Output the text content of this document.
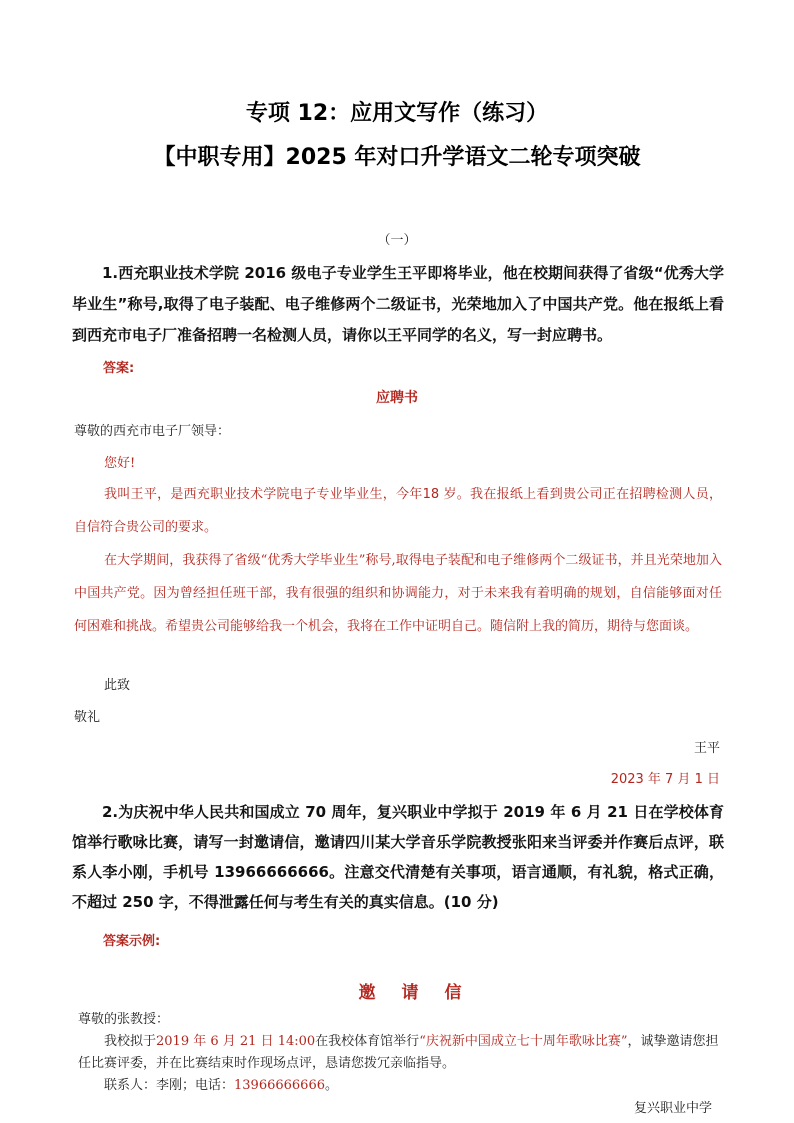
专项 12：应用文写作（练习）
【中职专用】2025 年对口升学语文二轮专项突破
（一）
1.西充职业技术学院 2016 级电子专业学生王平即将毕业，他在校期间获得了省级“优秀大学毕业生”称号,取得了电子装配、电子维修两个二级证书，光荣地加入了中国共产党。他在报纸上看到西充市电子厂准备招聘一名检测人员，请你以王平同学的名义，写一封应聘书。
答案:
应聘书
尊敬的西充市电子厂领导：
您好!
我叫王平，是西充职业技术学院电子专业毕业生，今年18 岁。我在报纸上看到贵公司正在招聘检测人员，自信符合贵公司的要求。
在大学期间，我获得了省级“优秀大学毕业生”称号,取得电子装配和电子维修两个二级证书，并且光荣地加入中国共产党。因为曾经担任班干部，我有很强的组织和协调能力，对于未来我有着明确的规划，自信能够面对任何困难和挑战。希望贵公司能够给我一个机会，我将在工作中证明自己。随信附上我的简历，期待与您面谈。
此致
敬礼
王平
2023 年 7 月 1 日
2.为庆祝中华人民共和国成立 70 周年，复兴职业中学拟于 2019 年 6 月 21 日在学校体育馆举行歌咏比赛，请写一封邀请信，邀请四川某大学音乐学院教授张阳来当评委并作赛后点评，联系人李小刚，手机号 13966666666。注意交代清楚有关事项，语言通顺，有礼貌，格式正确，不超过 250 字，不得泄露任何与考生有关的真实信息。(10 分)
答案示例:
邀请信
尊敬的张教授：
我校拟于2019 年 6 月 21 日 14:00在我校体育馆举行“庆祝新中国成立七十周年歌咏比赛”，诚挚邀请您担任比赛评委，并在比赛结束时作现场点评，恳请您拨冗亲临指导。
联系人：李刚；电话：13966666666。
复兴职业中学
